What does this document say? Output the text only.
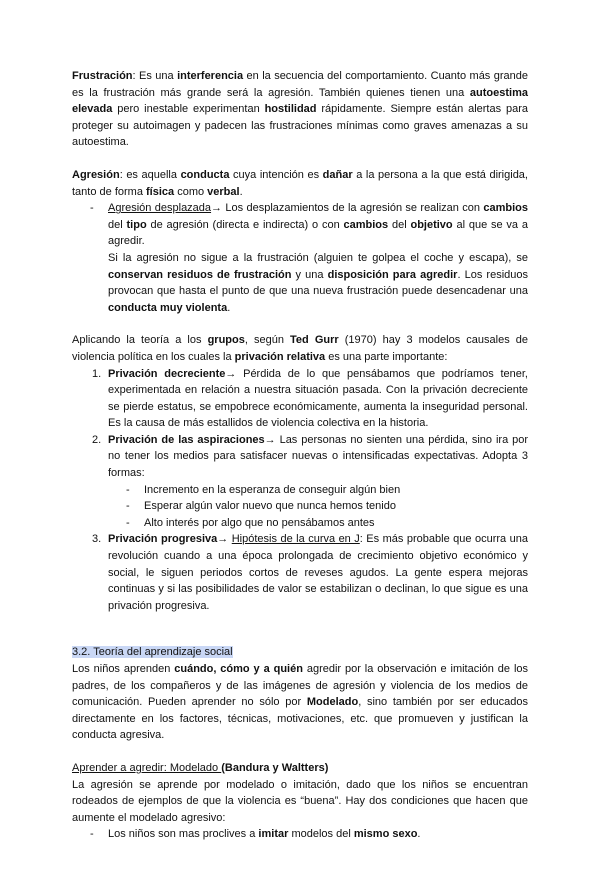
Frustración: Es una interferencia en la secuencia del comportamiento. Cuanto más grande es la frustración más grande será la agresión. También quienes tienen una autoestima elevada pero inestable experimentan hostilidad rápidamente. Siempre están alertas para proteger su autoimagen y padecen las frustraciones mínimas como graves amenazas a su autoestima.

Agresión: es aquella conducta cuya intención es dañar a la persona a la que está dirigida, tanto de forma física como verbal.

- Agresión desplazada→ Los desplazamientos de la agresión se realizan con cambios del tipo de agresión (directa e indirecta) o con cambios del objetivo al que se va a agredir.

Si la agresión no sigue a la frustración (alguien te golpea el coche y escapa), se conservan residuos de frustración y una disposición para agredir. Los residuos provocan que hasta el punto de que una nueva frustración puede desencadenar una conducta muy violenta.

Aplicando la teoría a los grupos, según Ted Gurr (1970) hay 3 modelos causales de violencia política en los cuales la privación relativa es una parte importante:

1. Privación decreciente→ Pérdida de lo que pensábamos que podríamos tener, experimentada en relación a nuestra situación pasada. Con la privación decreciente se pierde estatus, se empobrece económicamente, aumenta la inseguridad personal. Es la causa de más estallidos de violencia colectiva en la historia.

2. Privación de las aspiraciones→ Las personas no sienten una pérdida, sino ira por no tener los medios para satisfacer nuevas o intensificadas expectativas. Adopta 3 formas:

- Incremento en la esperanza de conseguir algún bien

- Esperar algún valor nuevo que nunca hemos tenido

- Alto interés por algo que no pensábamos antes

3. Privación progresiva→ Hipótesis de la curva en J: Es más probable que ocurra una revolución cuando a una época prolongada de crecimiento objetivo económico y social, le siguen periodos cortos de reveses agudos. La gente espera mejoras continuas y si las posibilidades de valor se estabilizan o declinan, lo que sigue es una privación progresiva.

3.2. Teoría del aprendizaje social

Los niños aprenden cuándo, cómo y a quién agredir por la observación e imitación de los padres, de los compañeros y de las imágenes de agresión y violencia de los medios de comunicación. Pueden aprender no sólo por Modelado, sino también por ser educados directamente en los factores, técnicas, motivaciones, etc. que promueven y justifican la conducta agresiva.

Aprender a agredir: Modelado (Bandura y Waltters)

La agresión se aprende por modelado o imitación, dado que los niños se encuentran rodeados de ejemplos de que la violencia es “buena”. Hay dos condiciones que hacen que aumente el modelado agresivo:

- Los niños son mas proclives a imitar modelos del mismo sexo.
